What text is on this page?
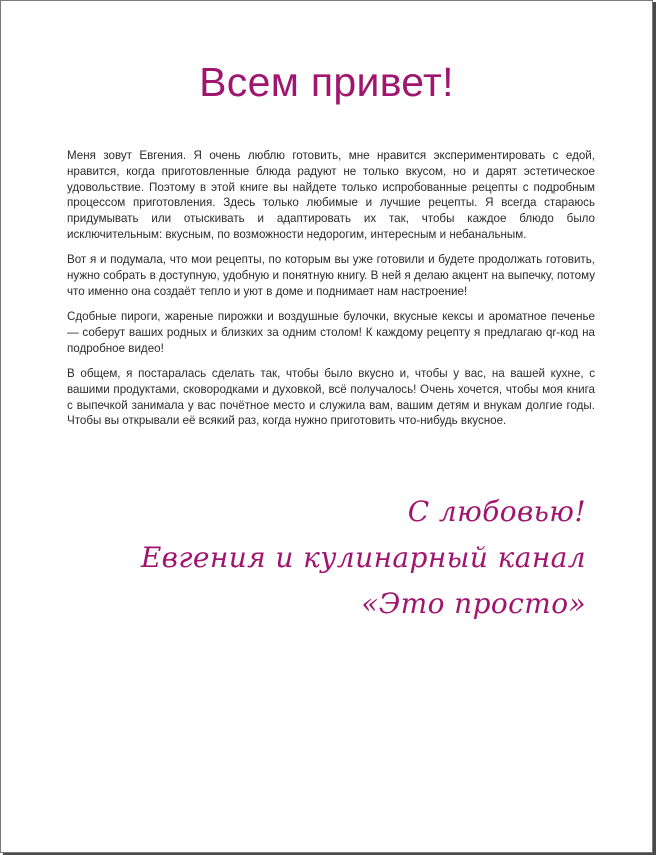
Всем привет!

Меня зовут Евгения. Я очень люблю готовить, мне нравится экспериментировать с едой, нравится, когда приготовленные блюда радуют не только вкусом, но и дарят эстетическое удовольствие. Поэтому в этой книге вы найдете только испробованные рецепты с подробным процессом приготовления. Здесь только любимые и лучшие рецепты. Я всегда стараюсь придумывать или отыскивать и адаптировать их так, чтобы каждое блюдо было исключительным: вкусным, по возможности недорогим, интересным и небанальным.

Вот я и подумала, что мои рецепты, по которым вы уже готовили и будете продолжать готовить, нужно собрать в доступную, удобную и понятную книгу. В ней я делаю акцент на выпечку, потому что именно она создаёт тепло и уют в доме и поднимает нам настроение!

Сдобные пироги, жареные пирожки и воздушные булочки, вкусные кексы и ароматное печенье — соберут ваших родных и близких за одним столом! К каждому рецепту я предлагаю qr-код на подробное видео!

В общем, я постаралась сделать так, чтобы было вкусно и, чтобы у вас, на вашей кухне, с вашими продуктами, сковородками и духовкой, всё получалось! Очень хочется, чтобы моя книга с выпечкой занимала у вас почётное место и служила вам, вашим детям и внукам долгие годы. Чтобы вы открывали её всякий раз, когда нужно приготовить что-нибудь вкусное.

С любовью!
Евгения и кулинарный канал
«Это просто»
